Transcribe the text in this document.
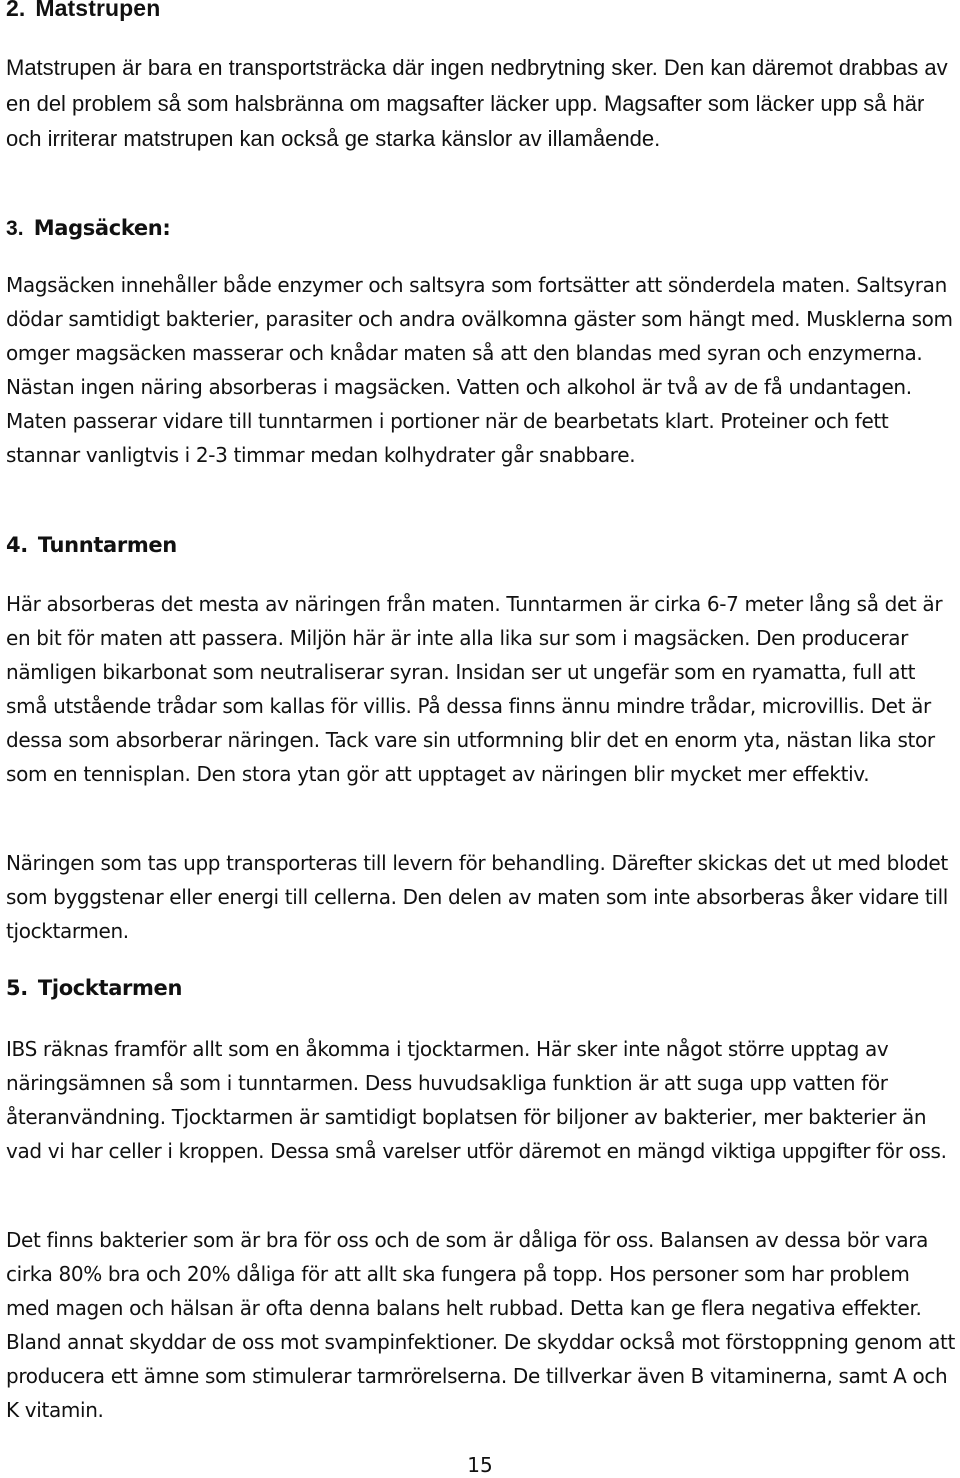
2. Matstrupen

Matstrupen är bara en transportsträcka där ingen nedbrytning sker. Den kan däremot drabbas av en del problem så som halsbränna om magsafter läcker upp. Magsafter som läcker upp så här och irriterar matstrupen kan också ge starka känslor av illamående.

3. Magsäcken:

Magsäcken innehåller både enzymer och saltsyra som fortsätter att sönderdela maten. Saltsyran dödar samtidigt bakterier, parasiter och andra ovälkomna gäster som hängt med. Musklerna som omger magsäcken masserar och knådar maten så att den blandas med syran och enzymerna. Nästan ingen näring absorberas i magsäcken. Vatten och alkohol är två av de få undantagen. Maten passerar vidare till tunntarmen i portioner när de bearbetats klart. Proteiner och fett stannar vanligtvis i 2-3 timmar medan kolhydrater går snabbare.

4. Tunntarmen

Här absorberas det mesta av näringen från maten. Tunntarmen är cirka 6-7 meter lång så det är en bit för maten att passera. Miljön här är inte alla lika sur som i magsäcken. Den producerar nämligen bikarbonat som neutraliserar syran. Insidan ser ut ungefär som en ryamatta, full att små utstående trådar som kallas för villis. På dessa finns ännu mindre trådar, microvillis. Det är dessa som absorberar näringen. Tack vare sin utformning blir det en enorm yta, nästan lika stor som en tennisplan. Den stora ytan gör att upptaget av näringen blir mycket mer effektiv.

Näringen som tas upp transporteras till levern för behandling. Därefter skickas det ut med blodet som byggstenar eller energi till cellerna. Den delen av maten som inte absorberas åker vidare till tjocktarmen.

5. Tjocktarmen

IBS räknas framför allt som en åkomma i tjocktarmen. Här sker inte något större upptag av näringsämnen så som i tunntarmen. Dess huvudsakliga funktion är att suga upp vatten för återanvändning. Tjocktarmen är samtidigt boplatsen för biljoner av bakterier, mer bakterier än vad vi har celler i kroppen. Dessa små varelser utför däremot en mängd viktiga uppgifter för oss.

Det finns bakterier som är bra för oss och de som är dåliga för oss. Balansen av dessa bör vara cirka 80% bra och 20% dåliga för att allt ska fungera på topp. Hos personer som har problem med magen och hälsan är ofta denna balans helt rubbad. Detta kan ge flera negativa effekter. Bland annat skyddar de oss mot svampinfektioner. De skyddar också mot förstoppning genom att producera ett ämne som stimulerar tarmrörelserna. De tillverkar även B vitaminerna, samt A och K vitamin.

15
